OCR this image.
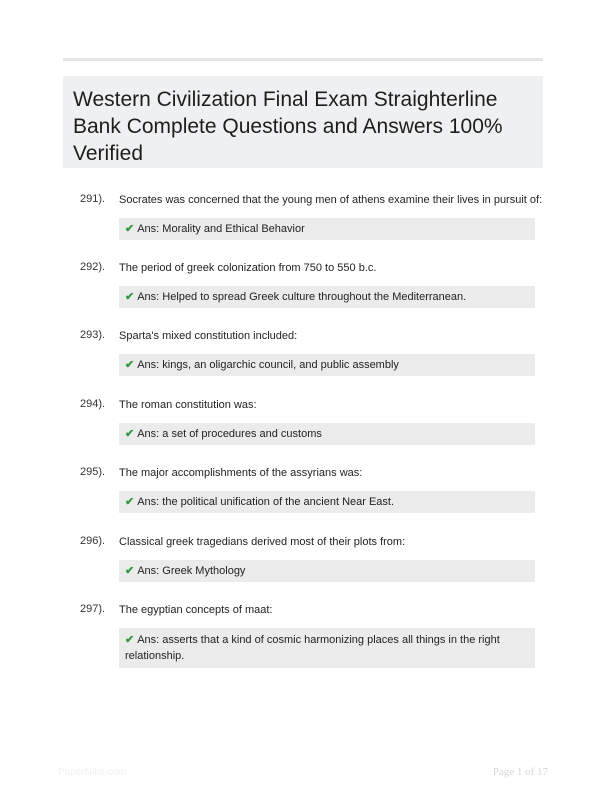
Western Civilization Final Exam Straighterline Bank Complete Questions and Answers 100% Verified
291). Socrates was concerned that the young men of athens examine their lives in pursuit of:
✔ Ans: Morality and Ethical Behavior
292). The period of greek colonization from 750 to 550 b.c.
✔ Ans: Helped to spread Greek culture throughout the Mediterranean.
293). Sparta's mixed constitution included:
✔ Ans: kings, an oligarchic council, and public assembly
294). The roman constitution was:
✔ Ans: a set of procedures and customs
295). The major accomplishments of the assyrians was:
✔ Ans: the political unification of the ancient Near East.
296). Classical greek tragedians derived most of their plots from:
✔ Ans: Greek Mythology
297). The egyptian concepts of maat:
✔ Ans: asserts that a kind of cosmic harmonizing places all things in the right relationship.
PaperNibs.com	Page 1 of 17
